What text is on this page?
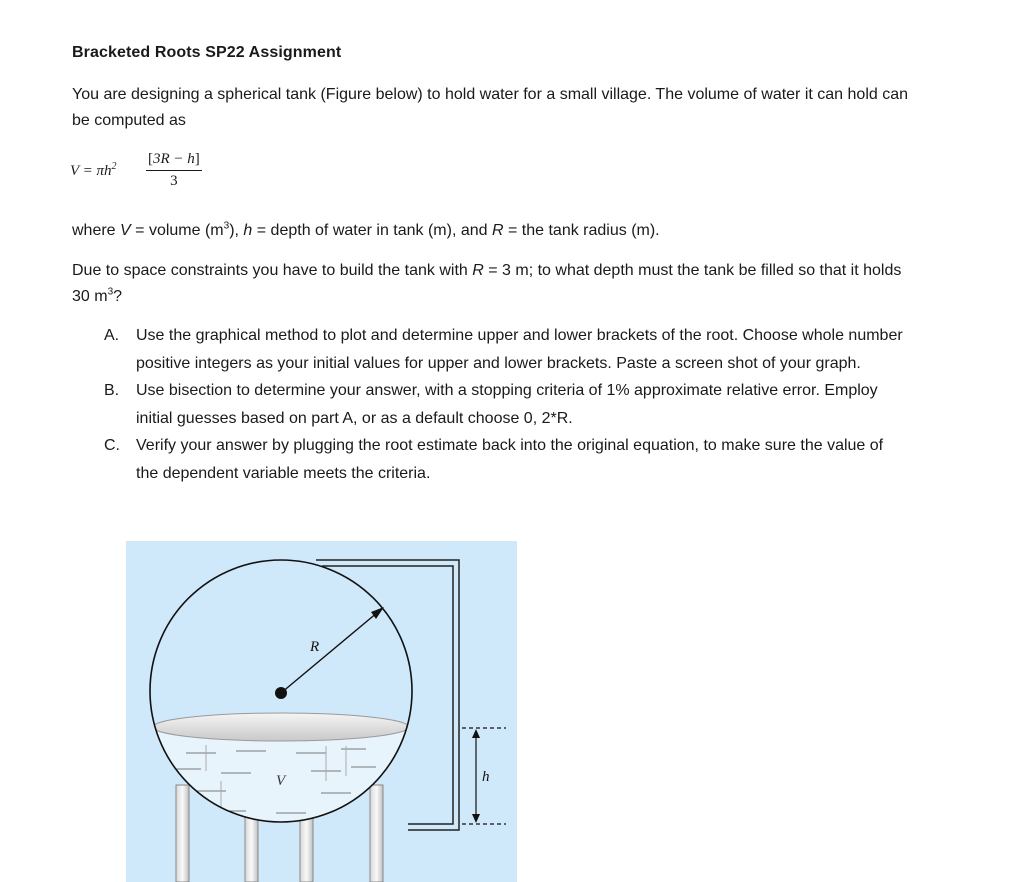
Bracketed Roots SP22 Assignment
You are designing a spherical tank (Figure below) to hold water for a small village. The volume of water it can hold can be computed as
$V = \pi h^2 \frac{[3R - h]}{3}$
where V = volume $(m^3)$, h = depth of water in tank (m), and R = the tank radius (m).
Due to space constraints you have to build the tank with R = 3 m; to what depth must the tank be filled so that it holds 30 $m^3$?
A. Use the graphical method to plot and determine upper and lower brackets of the root. Choose whole number positive integers as your initial values for upper and lower brackets. Paste a screen shot of your graph.
B. Use bisection to determine your answer, with a stopping criteria of 1% approximate relative error. Employ initial guesses based on part A, or as a default choose 0, 2*R.
C. Verify your answer by plugging the root estimate back into the original equation, to make sure the value of the dependent variable meets the criteria.
R
V	h
